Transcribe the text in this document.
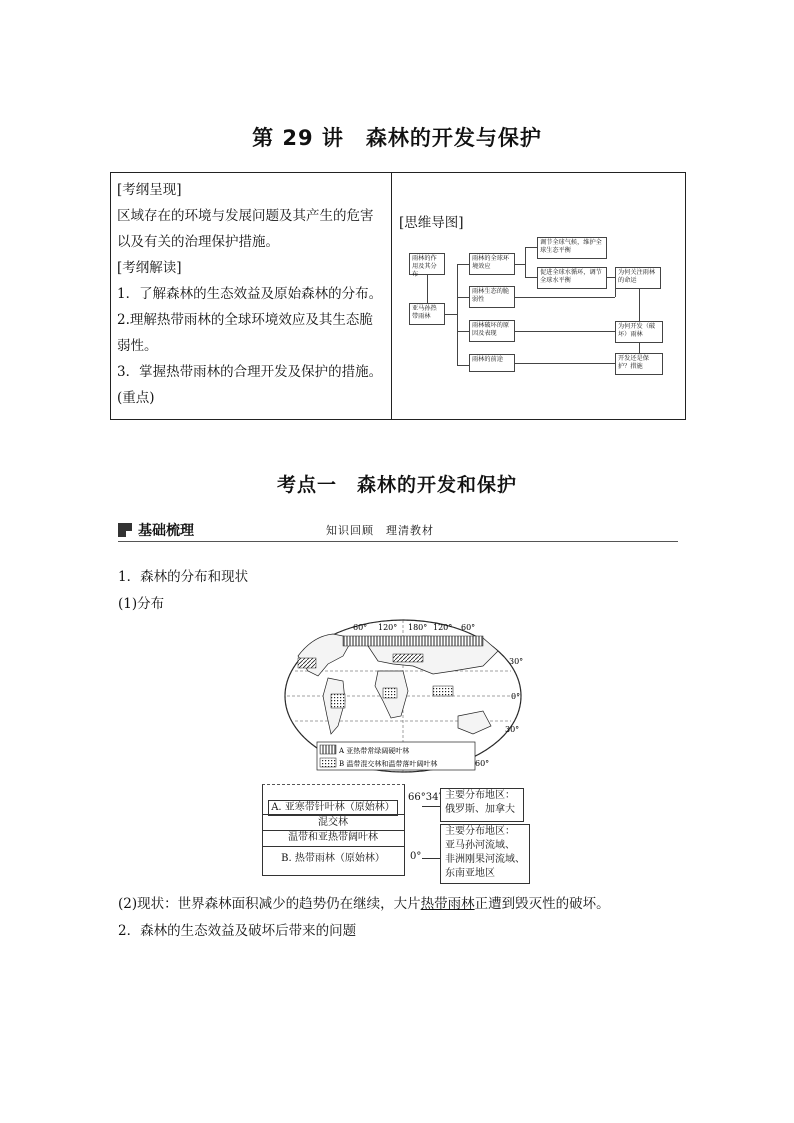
第 29 讲　森林的开发与保护
[考纲呈现]
区域存在的环境与发展问题及其产生的危害
以及有关的治理保护措施。
[考纲解读]
1．了解森林的生态效益及原始森林的分布。
2.理解热带雨林的全球环境效应及其生态脆
弱性。
3．掌握热带雨林的合理开发及保护的措施。
(重点)
[思维导图]
雨林的作用及其分布
亚马孙热带雨林
雨林的全球环境效应
雨林生态的脆弱性
雨林破坏的原因及表现
雨林的前途
调节全球气候，维护全球生态平衡
促进全球水循环，调节全球水平衡
为何关注雨林的命运
为何开发（破坏）雨林
开发还是保护？措施
考点一　森林的开发和保护
基础梳理	知识回顾　理清教材
1．森林的分布和现状
(1)分布
30°
0°
30°
60°
60° 120° 180° 120° 60°
A 亚热带常绿阔硬叶林
B 温带混交林和温带落叶阔叶林
A. 亚寒带针叶林（原始林）
混交林
温带和亚热带阔叶林
B. 热带雨林（原始林）
66°34′
0°
主要分布地区：
俄罗斯、加拿大
主要分布地区：
亚马孙河流域、
非洲刚果河流域、
东南亚地区
(2)现状：世界森林面积减少的趋势仍在继续，大片热带雨林正遭到毁灭性的破坏。
2．森林的生态效益及破坏后带来的问题
